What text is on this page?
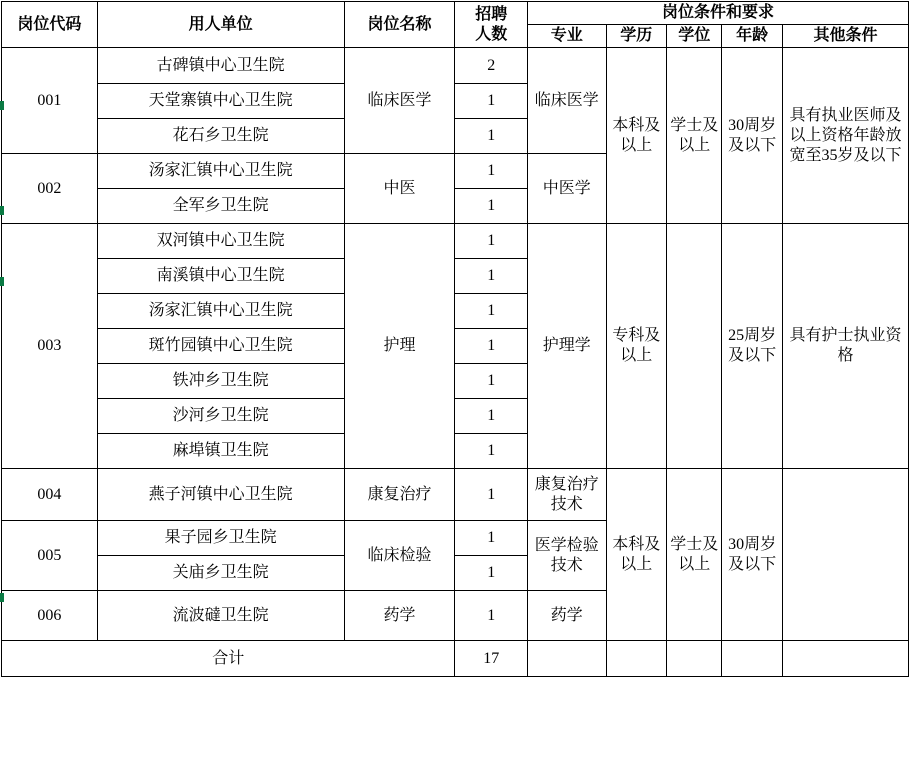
岗位代码	用人单位	岗位名称	招聘
人数	岗位条件和要求				
				专业	学历	学位	年龄	其他条件
001	古碑镇中心卫生院	临床医学	2	临床医学	本科及以上	学士及以上	30周岁及以下	具有执业医师及以上资格年龄放宽至35岁及以下
	天堂寨镇中心卫生院		1					
	花石乡卫生院		1					
002	汤家汇镇中心卫生院	中医	1	中医学				
	全军乡卫生院		1					
003	双河镇中心卫生院	护理	1	护理学	专科及以上		25周岁及以下	具有护士执业资格
	南溪镇中心卫生院		1					
	汤家汇镇中心卫生院		1					
	斑竹园镇中心卫生院		1					
	铁冲乡卫生院		1					
	沙河乡卫生院		1					
	麻埠镇卫生院		1					
004	燕子河镇中心卫生院	康复治疗	1	康复治疗技术	本科及以上	学士及以上	30周岁及以下	
005	果子园乡卫生院	临床检验	1	医学检验技术				
	关庙乡卫生院		1					
006	流波䃮卫生院	药学	1	药学				
合计			17					
